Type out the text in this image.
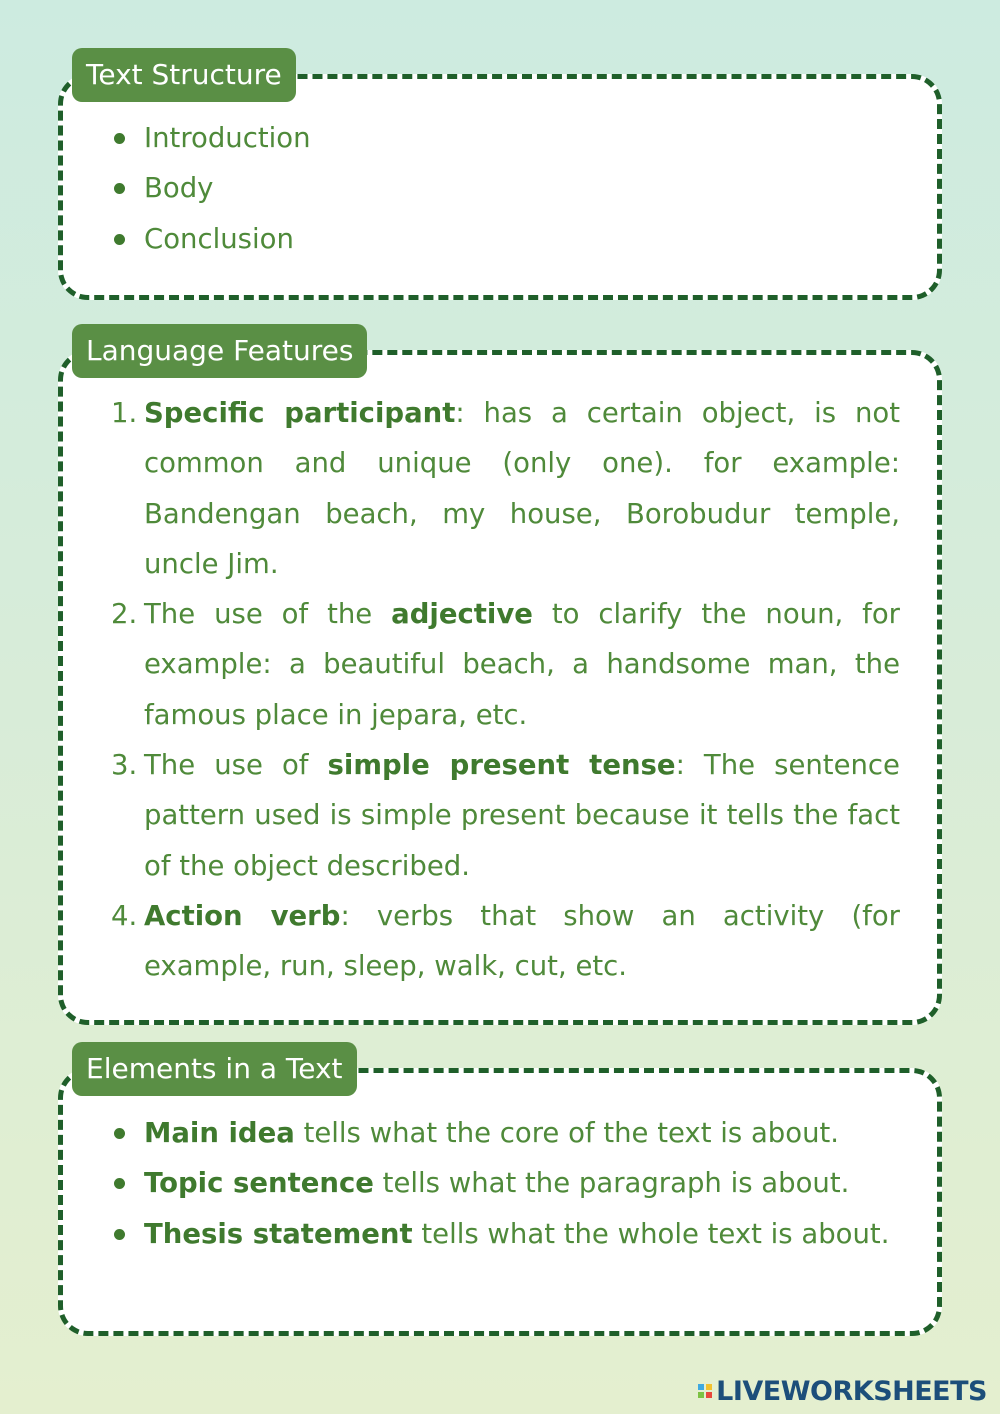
Text Structure
Introduction
Body
Conclusion
Language Features
1. Specific participant: has a certain object, is not common and unique (only one). for example: Bandengan beach, my house, Borobudur temple, uncle Jim.
2. The use of the adjective to clarify the noun, for example: a beautiful beach, a handsome man, the famous place in jepara, etc.
3. The use of simple present tense: The sentence pattern used is simple present because it tells the fact of the object described.
4. Action verb: verbs that show an activity (for example, run, sleep, walk, cut, etc.
Elements in a Text
Main idea tells what the core of the text is about.
Topic sentence tells what the paragraph is about.
Thesis statement tells what the whole text is about.
LIVEWORKSHEETS
